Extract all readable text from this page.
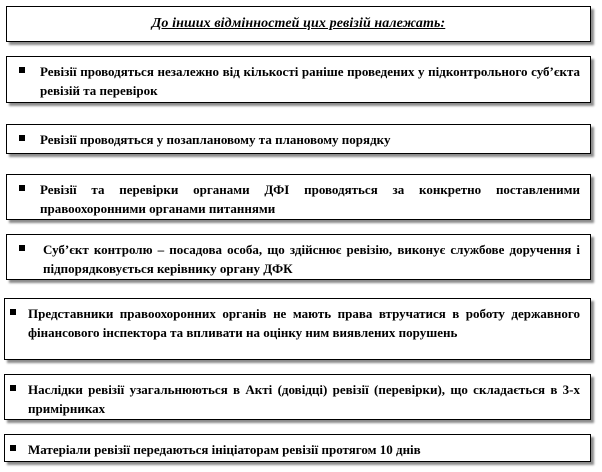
До інших відмінностей цих ревізій належать:
Ревізії проводяться незалежно від кількості раніше проведених у підконтрольного суб’єкта ревізій та перевірок
Ревізії проводяться у позаплановому та плановому порядку
Ревізії та перевірки органами ДФІ проводяться за конкретно поставленими правоохоронними органами питаннями
Суб’єкт контролю – посадова особа, що здійснює ревізію, виконує службове доручення і підпорядковується керівнику органу ДФК
Представники правоохоронних органів не мають права втручатися в роботу державного фінансового інспектора та впливати на оцінку ним виявлених порушень
Наслідки ревізії узагальнюються в Акті (довідці) ревізії (перевірки), що складається в 3-х примірниках
Матеріали ревізії передаються ініціаторам ревізії протягом 10 днів
